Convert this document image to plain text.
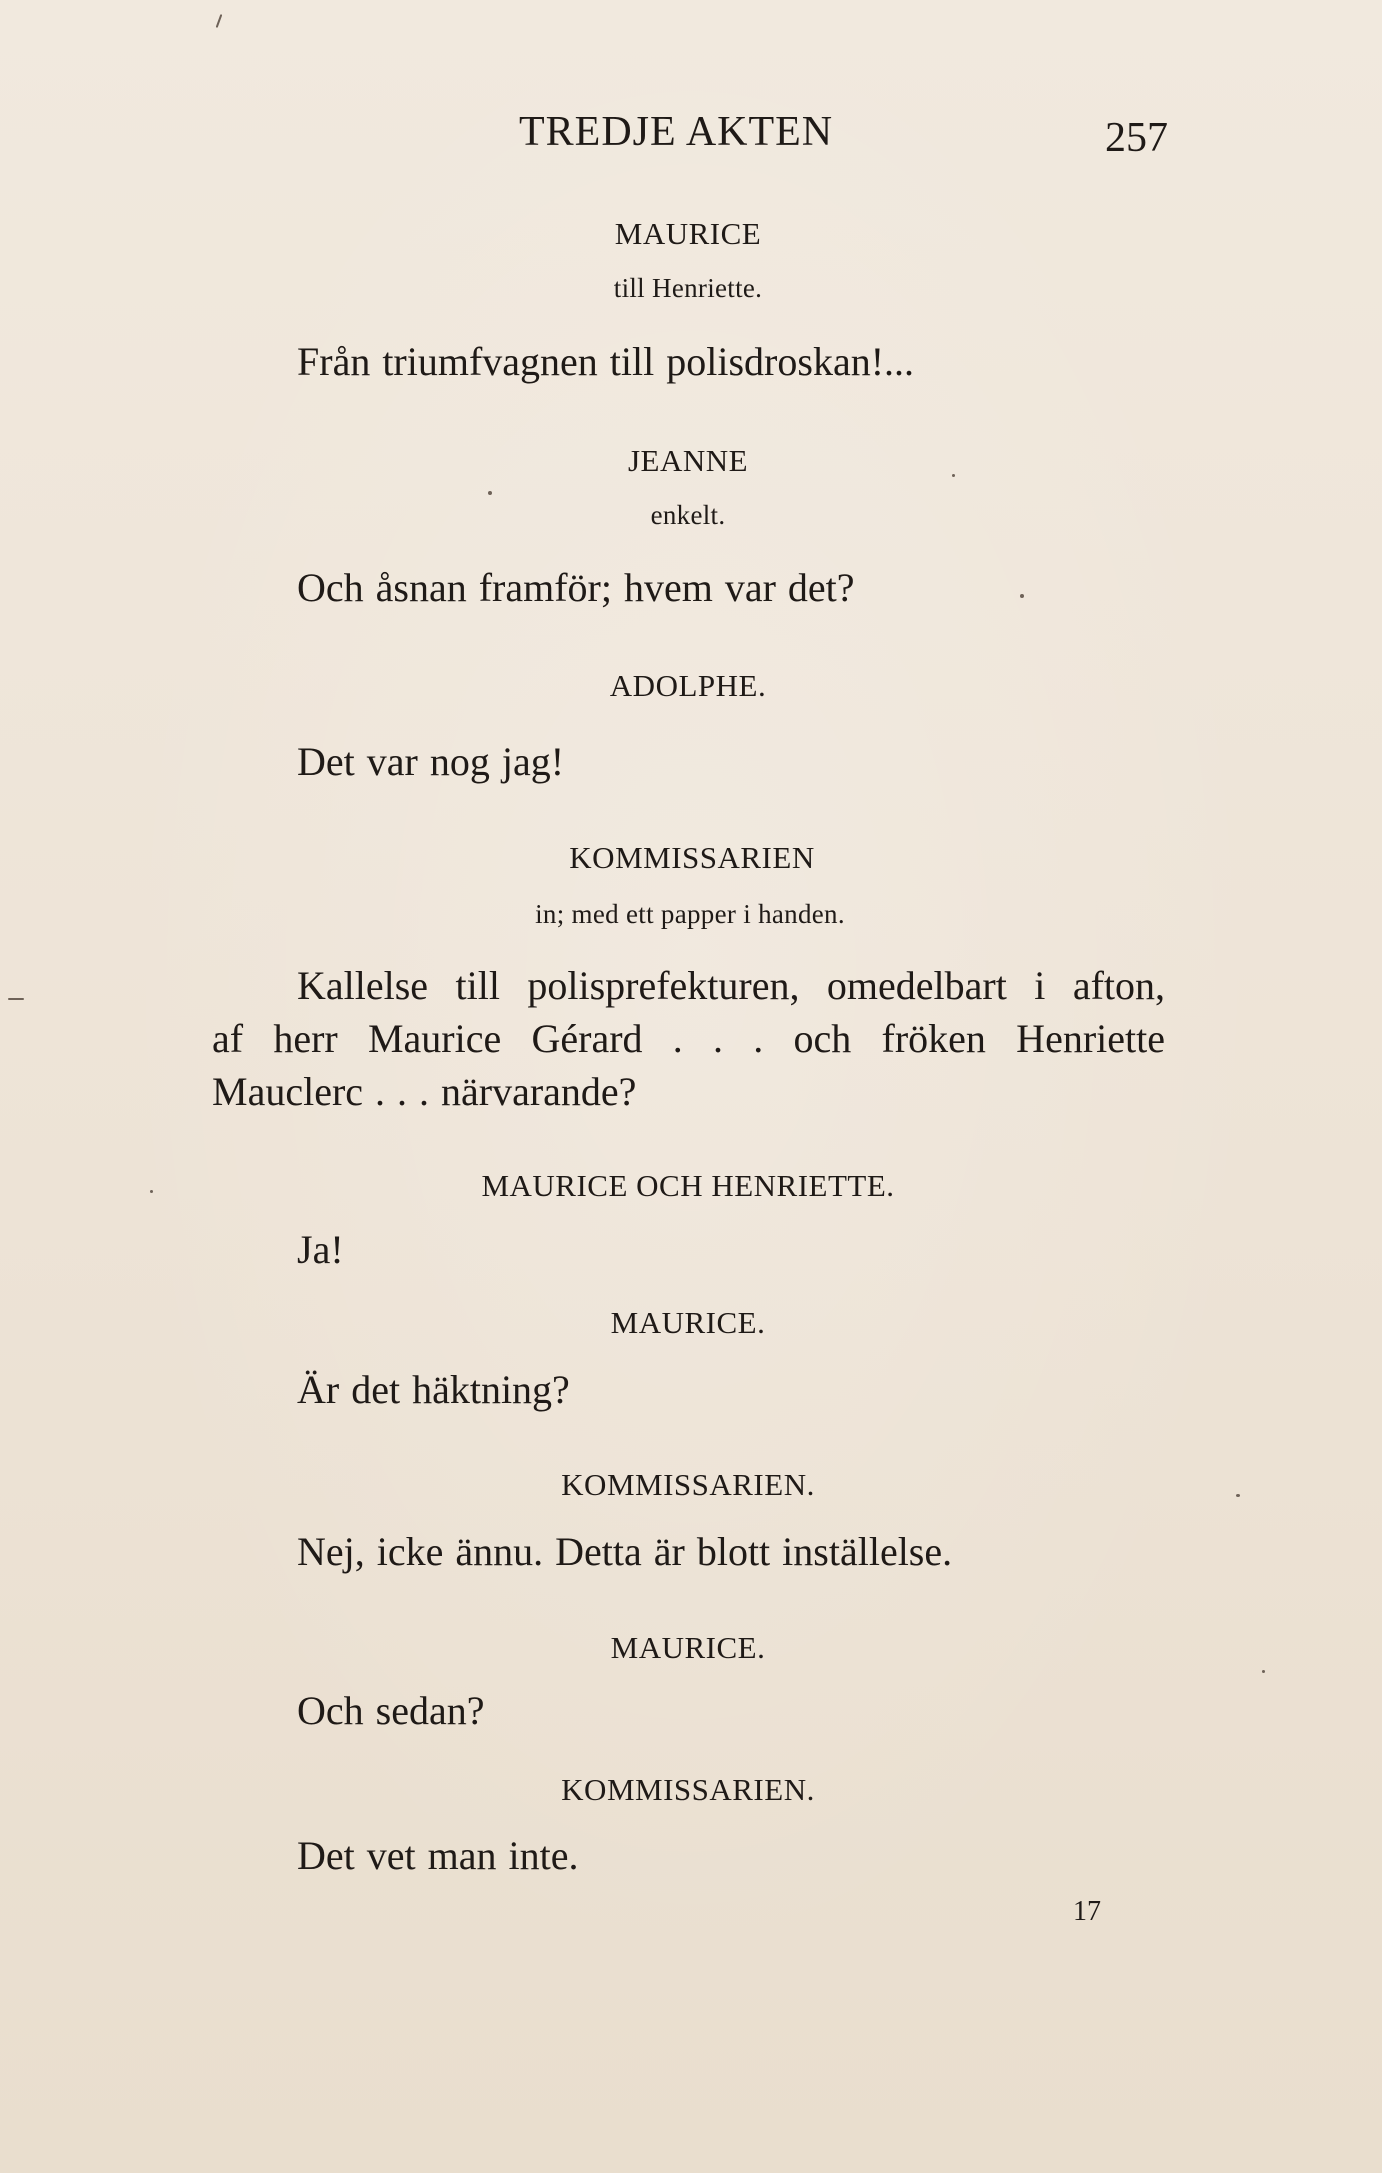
TREDJE AKTEN	257
MAURICE
till Henriette.
Från triumfvagnen till polisdroskan!...
JEANNE
enkelt.
Och åsnan framför; hvem var det?
ADOLPHE.
Det var nog jag!
KOMMISSARIEN
in; med ett papper i handen.
Kallelse till polisprefekturen, omedelbart i afton,
af herr Maurice Gérard . . . och fröken Henriette
Mauclerc . . . närvarande?
MAURICE OCH HENRIETTE.
Ja!
MAURICE.
Är det häktning?
KOMMISSARIEN.
Nej, icke ännu. Detta är blott inställelse.
MAURICE.
Och sedan?
KOMMISSARIEN.
Det vet man inte.
17
